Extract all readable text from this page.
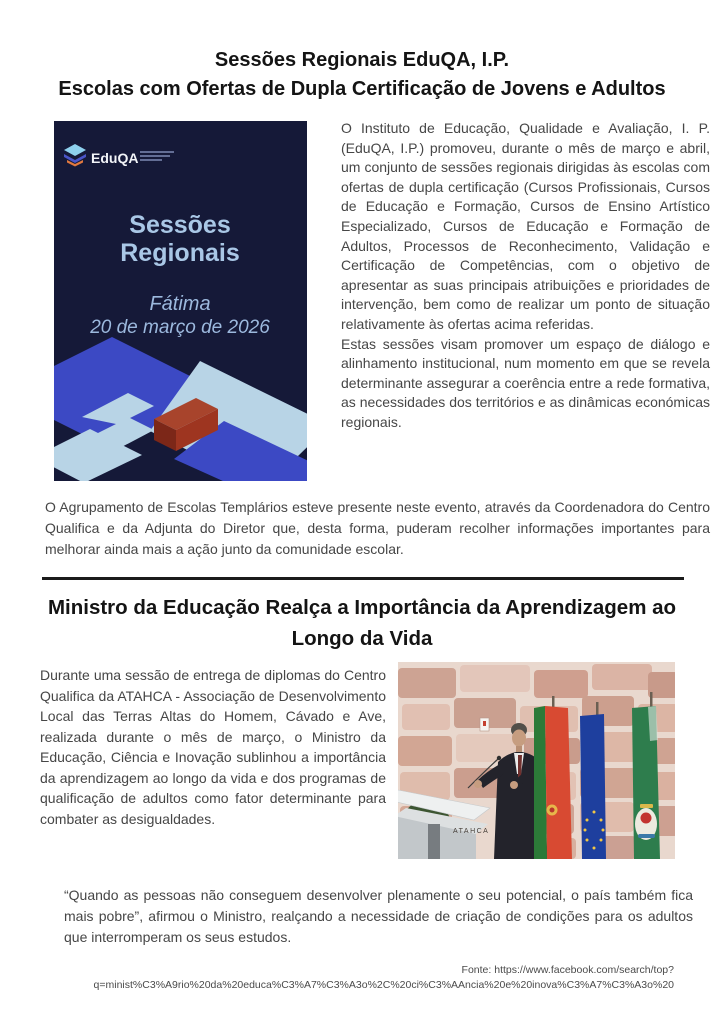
Sessões Regionais EduQA, I.P.
Escolas com Ofertas de Dupla Certificação de Jovens e Adultos
EduQA
Sessões
Regionais
Fátima
20 de março de 2026

O Instituto de Educação, Qualidade e Avaliação, I. P. (EduQA, I.P.) promoveu, durante o mês de março e abril, um conjunto de sessões regionais dirigidas às escolas com ofertas de dupla certificação (Cursos Profissionais, Cursos de Educação e Formação, Cursos de Ensino Artístico Especializado, Cursos de Educação e Formação de Adultos, Processos de Reconhecimento, Validação e Certificação de Competências, com o objetivo de apresentar as suas principais atribuições e prioridades de intervenção, bem como de realizar um ponto de situação relativamente às ofertas acima referidas.

Estas sessões visam promover um espaço de diálogo e alinhamento institucional, num momento em que se revela determinante assegurar a coerência entre a rede formativa, as necessidades dos territórios e as dinâmicas económicas regionais.

O Agrupamento de Escolas Templários esteve presente neste evento, através da Coordenadora do Centro Qualifica e da Adjunta do Diretor que, desta forma, puderam recolher informações importantes para melhorar ainda mais a ação junto da comunidade escolar.

Ministro da Educação Realça a Importância da Aprendizagem ao
Longo da Vida

Durante uma sessão de entrega de diplomas do Centro Qualifica da ATAHCA - Associação de Desenvolvimento Local das Terras Altas do Homem, Cávado e Ave, realizada durante o mês de março, o Ministro da Educação, Ciência e Inovação sublinhou a importância da aprendizagem ao longo da vida e dos programas de qualificação de adultos como fator determinante para combater as desigualdades.

ATAHCA

“Quando as pessoas não conseguem desenvolver plenamente o seu potencial, o país também fica mais pobre”, afirmou o Ministro, realçando a necessidade de criação de condições para os adultos que interromperam os seus estudos.

Fonte: https://www.facebook.com/search/top?
q=minist%C3%A9rio%20da%20educa%C3%A7%C3%A3o%2C%20ci%C3%AAncia%20e%20inova%C3%A7%C3%A3o%20
